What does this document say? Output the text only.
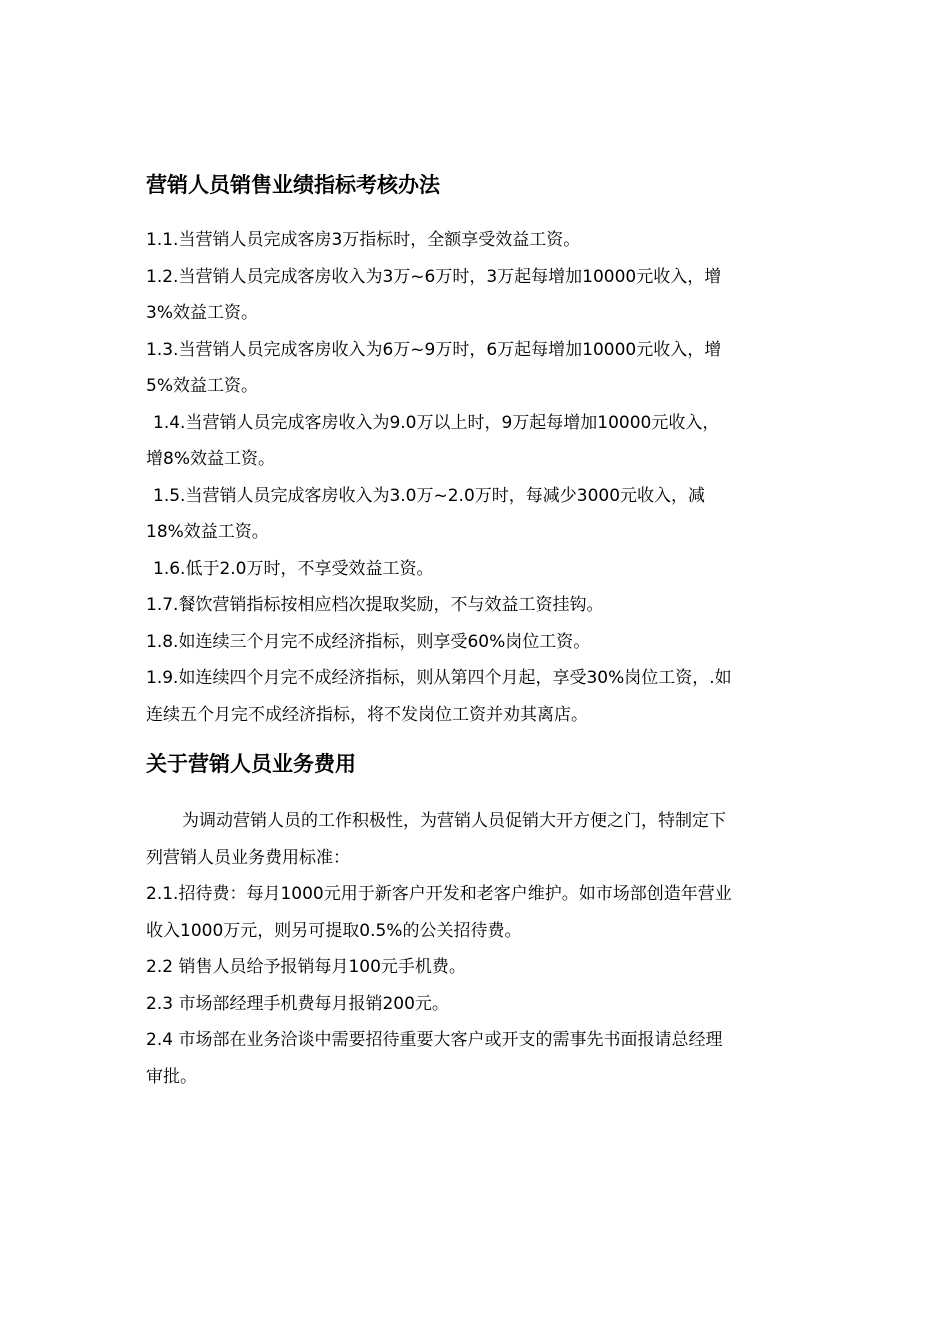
营销人员销售业绩指标考核办法

1.1.当营销人员完成客房3万指标时，全额享受效益工资。

1.2.当营销人员完成客房收入为3万~6万时，3万起每增加10000元收入，增
3%效益工资。

1.3.当营销人员完成客房收入为6万~9万时，6万起每增加10000元收入，增
5%效益工资。

1.4.当营销人员完成客房收入为9.0万以上时，9万起每增加10000元收入，
增8%效益工资。

1.5.当营销人员完成客房收入为3.0万~2.0万时，每减少3000元收入，减
18%效益工资。

1.6.低于2.0万时，不享受效益工资。

1.7.餐饮营销指标按相应档次提取奖励，不与效益工资挂钩。

1.8.如连续三个月完不成经济指标，则享受60%岗位工资。

1.9.如连续四个月完不成经济指标，则从第四个月起，享受30%岗位工资，.如
连续五个月完不成经济指标，将不发岗位工资并劝其离店。

关于营销人员业务费用

为调动营销人员的工作积极性，为营销人员促销大开方便之门，特制定下
列营销人员业务费用标准：

2.1.招待费：每月1000元用于新客户开发和老客户维护。如市场部创造年营业
收入1000万元，则另可提取0.5%的公关招待费。

2.2 销售人员给予报销每月100元手机费。

2.3 市场部经理手机费每月报销200元。

2.4 市场部在业务洽谈中需要招待重要大客户或开支的需事先书面报请总经理
审批。
